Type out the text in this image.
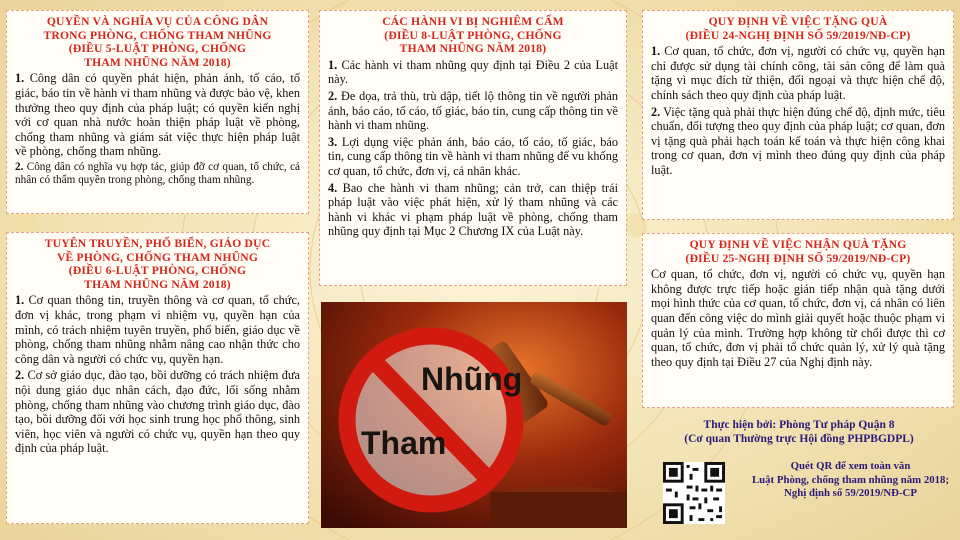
QUYỀN VÀ NGHĨA VỤ CỦA CÔNG DÂN
TRONG PHÒNG, CHỐNG THAM NHŨNG
(ĐIỀU 5-LUẬT PHÒNG, CHỐNG
THAM NHŨNG NĂM 2018)

1. Công dân có quyền phát hiện, phản ánh, tố cáo, tố giác, báo tin về hành vi tham nhũng và được bảo vệ, khen thưởng theo quy định của pháp luật; có quyền kiến nghị với cơ quan nhà nước hoàn thiện pháp luật về phòng, chống tham nhũng và giám sát việc thực hiện pháp luật về phòng, chống tham nhũng.

2. Công dân có nghĩa vụ hợp tác, giúp đỡ cơ quan, tổ chức, cá nhân có thẩm quyền trong phòng, chống tham nhũng.

TUYÊN TRUYỀN, PHỔ BIẾN, GIÁO DỤC
VỀ PHÒNG, CHỐNG THAM NHŨNG
(ĐIỀU 6-LUẬT PHÒNG, CHỐNG
THAM NHŨNG NĂM 2018)

1. Cơ quan thông tin, truyền thông và cơ quan, tổ chức, đơn vị khác, trong phạm vi nhiệm vụ, quyền hạn của mình, có trách nhiệm tuyên truyền, phổ biến, giáo dục về phòng, chống tham nhũng nhằm nâng cao nhận thức cho công dân và người có chức vụ, quyền hạn.

2. Cơ sở giáo dục, đào tạo, bồi dưỡng có trách nhiệm đưa nội dung giáo dục nhân cách, đạo đức, lối sống nhằm phòng, chống tham nhũng vào chương trình giáo dục, đào tạo, bồi dưỡng đối với học sinh trung học phổ thông, sinh viên, học viên và người có chức vụ, quyền hạn theo quy định của pháp luật.

CÁC HÀNH VI BỊ NGHIÊM CẤM
(ĐIỀU 8-LUẬT PHÒNG, CHỐNG
THAM NHŨNG NĂM 2018)

1. Các hành vi tham nhũng quy định tại Điều 2 của Luật này.

2. Đe dọa, trả thù, trù dập, tiết lộ thông tin về người phản ánh, báo cáo, tố cáo, tố giác, báo tin, cung cấp thông tin về hành vi tham nhũng.

3. Lợi dụng việc phản ánh, báo cáo, tố cáo, tố giác, báo tin, cung cấp thông tin về hành vi tham nhũng để vu khống cơ quan, tổ chức, đơn vị, cá nhân khác.

4. Bao che hành vi tham nhũng; cản trở, can thiệp trái pháp luật vào việc phát hiện, xử lý tham nhũng và các hành vi khác vi phạm pháp luật về phòng, chống tham nhũng quy định tại Mục 2 Chương IX của Luật này.

Nhũng
Tham
QUY ĐỊNH VỀ VIỆC TẶNG QUÀ
(ĐIỀU 24-NGHỊ ĐỊNH SỐ 59/2019/NĐ-CP)

1. Cơ quan, tổ chức, đơn vị, người có chức vụ, quyền hạn chỉ được sử dụng tài chính công, tài sản công để làm quà tặng vì mục đích từ thiện, đối ngoại và thực hiện chế độ, chính sách theo quy định của pháp luật.

2. Việc tặng quà phải thực hiện đúng chế độ, định mức, tiêu chuẩn, đối tượng theo quy định của pháp luật; cơ quan, đơn vị tặng quà phải hạch toán kế toán và thực hiện công khai trong cơ quan, đơn vị mình theo đúng quy định của pháp luật.

QUY ĐỊNH VỀ VIỆC NHẬN QUÀ TẶNG
(ĐIỀU 25-NGHỊ ĐỊNH SỐ 59/2019/NĐ-CP)

Cơ quan, tổ chức, đơn vị, người có chức vụ, quyền hạn không được trực tiếp hoặc gián tiếp nhận quà tặng dưới mọi hình thức của cơ quan, tổ chức, đơn vị, cá nhân có liên quan đến công việc do mình giải quyết hoặc thuộc phạm vi quản lý của mình. Trường hợp không từ chối được thì cơ quan, tổ chức, đơn vị phải tổ chức quản lý, xử lý quà tặng theo quy định tại Điều 27 của Nghị định này.

Thực hiện bởi: Phòng Tư pháp Quận 8
(Cơ quan Thường trực Hội đồng PHPBGDPL)
Quét QR để xem toàn văn
Luật Phòng, chống tham nhũng năm 2018;
Nghị định số 59/2019/NĐ-CP
